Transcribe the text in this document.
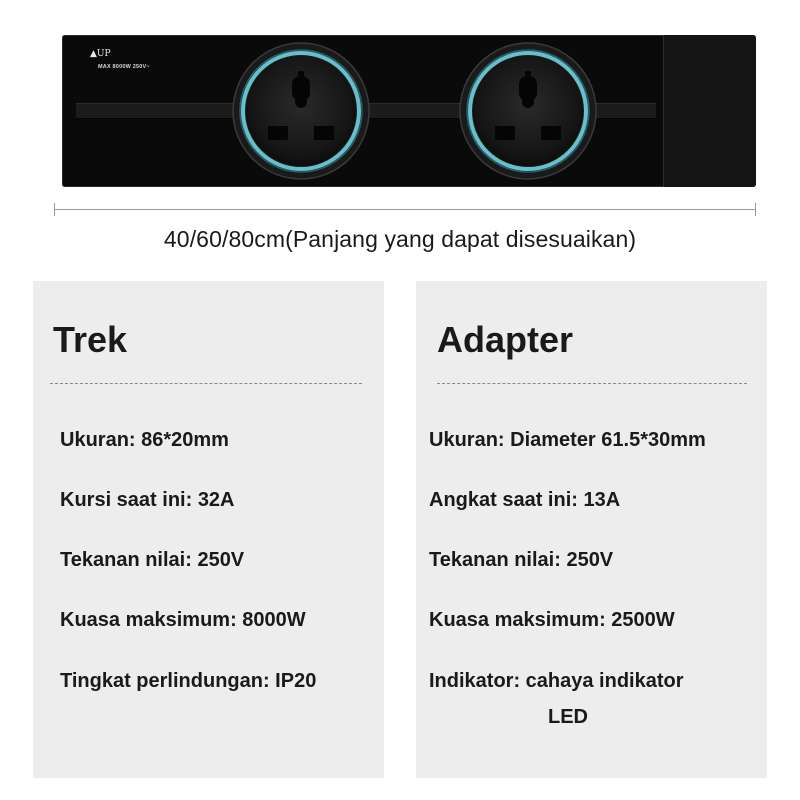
▲UP
MAX 8000W 250V~
40/60/80cm(Panjang yang dapat disesuaikan)
Trek
Ukuran: 86*20mm
Kursi saat ini: 32A
Tekanan nilai: 250V
Kuasa maksimum: 8000W
Tingkat perlindungan: IP20
Adapter
Ukuran: Diameter 61.5*30mm
Angkat saat ini: 13A
Tekanan nilai: 250V
Kuasa maksimum: 2500W
Indikator: cahaya indikator
LED
